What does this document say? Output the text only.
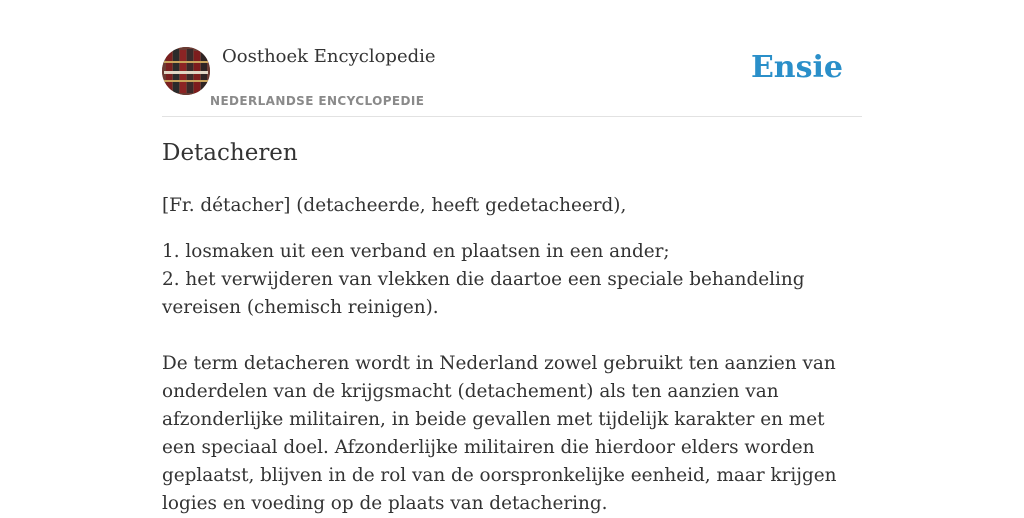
Oosthoek Encyclopedie
NEDERLANDSE ENCYCLOPEDIE
Ensie
Detacheren

[Fr. détacher] (detacheerde, heeft gedetacheerd),

1. losmaken uit een verband en plaatsen in een ander;
2. het verwijderen van vlekken die daartoe een speciale behandeling vereisen (chemisch reinigen).

De term detacheren wordt in Nederland zowel gebruikt ten aanzien van onderdelen van de krijgsmacht (detachement) als ten aanzien van afzonderlijke militairen, in beide gevallen met tijdelijk karakter en met een speciaal doel. Afzonderlijke militairen die hierdoor elders worden geplaatst, blijven in de rol van de oorspronkelijke eenheid, maar krijgen logies en voeding op de plaats van detachering.
